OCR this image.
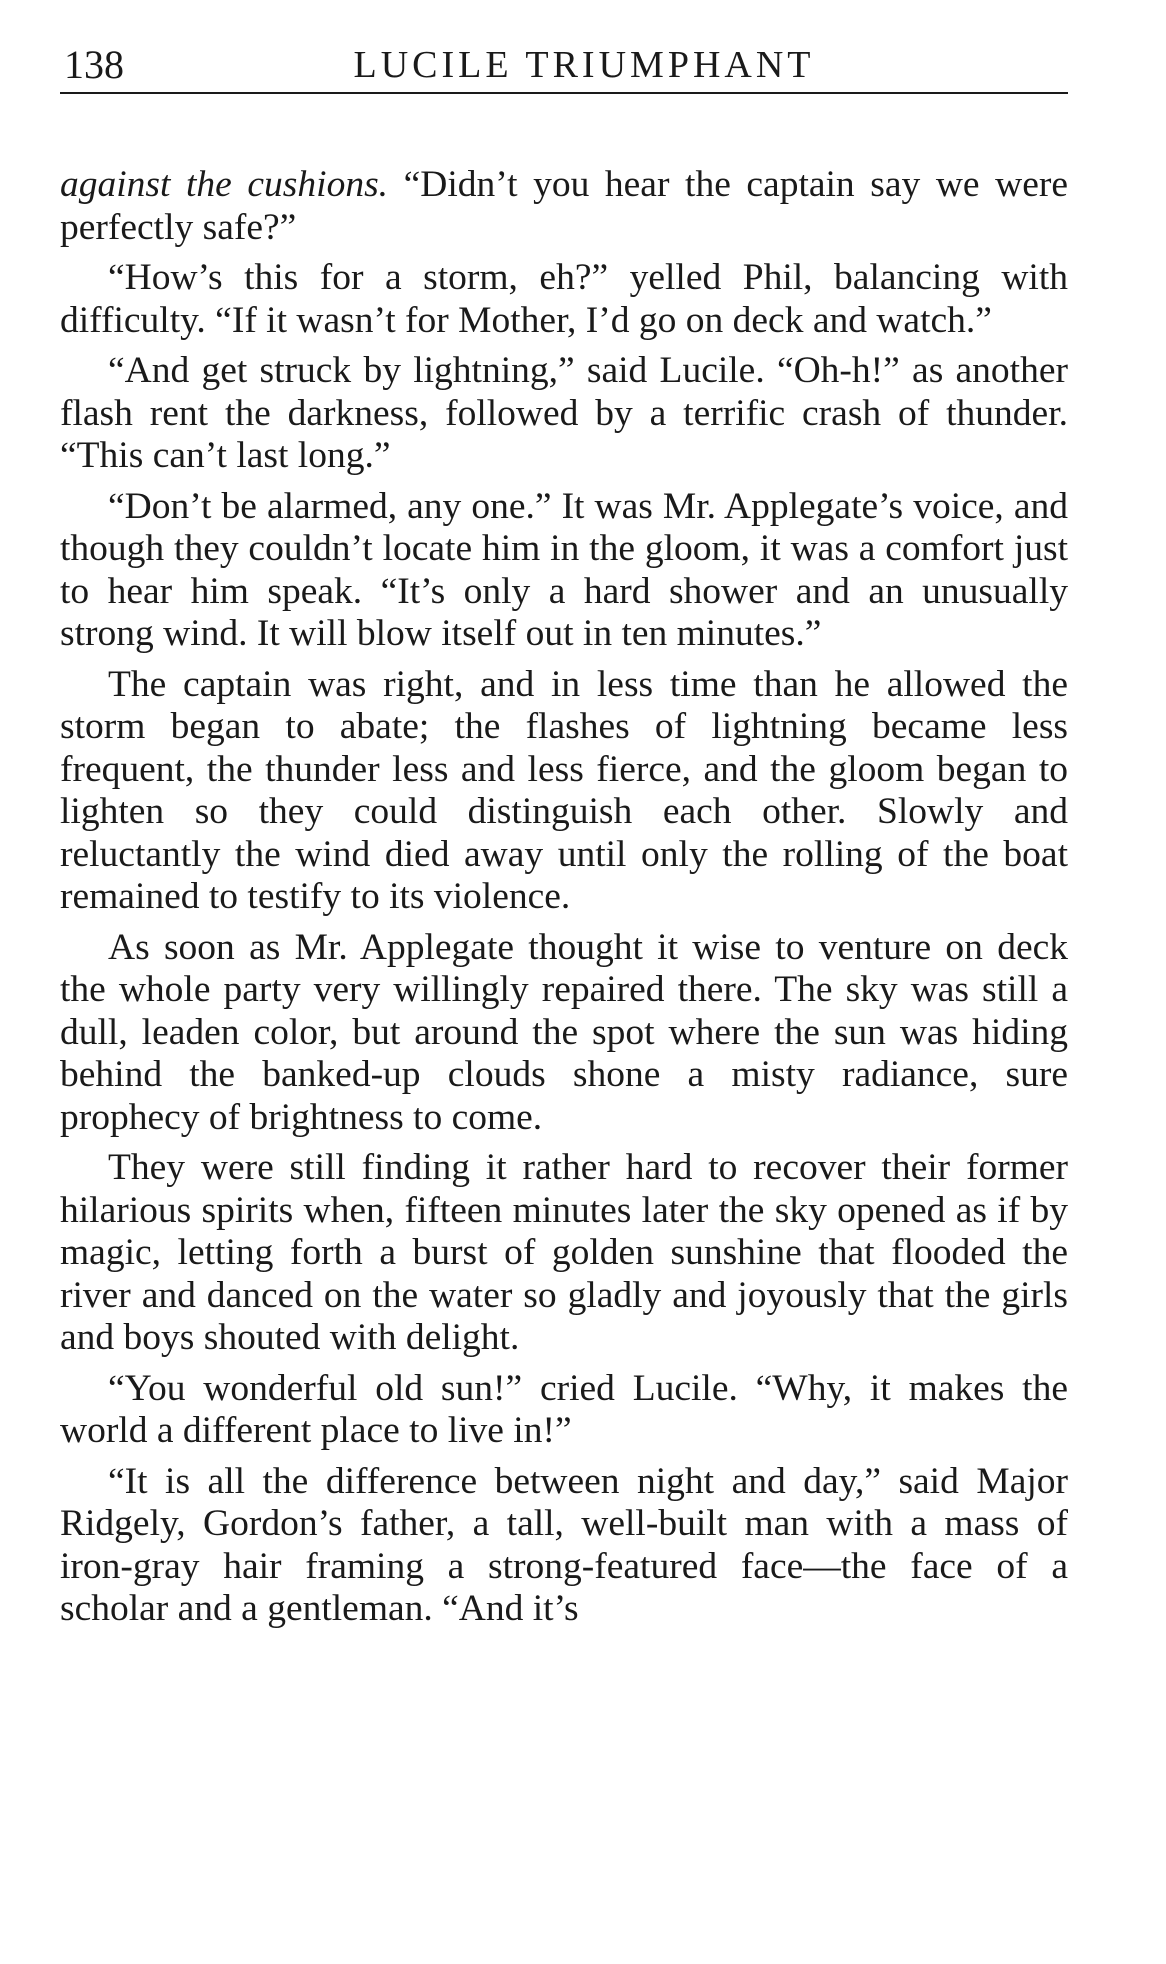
138	LUCILE TRIUMPHANT

against the cushions. “Didn’t you hear the captain say we were perfectly safe?”

“How’s this for a storm, eh?” yelled Phil, balancing with difficulty. “If it wasn’t for Mother, I’d go on deck and watch.”

“And get struck by lightning,” said Lucile. “Oh-h!” as another flash rent the darkness, followed by a terrific crash of thunder. “This can’t last long.”

“Don’t be alarmed, any one.” It was Mr. Applegate’s voice, and though they couldn’t locate him in the gloom, it was a comfort just to hear him speak. “It’s only a hard shower and an unusually strong wind. It will blow itself out in ten minutes.”

The captain was right, and in less time than he allowed the storm began to abate; the flashes of lightning became less frequent, the thunder less and less fierce, and the gloom began to lighten so they could distinguish each other. Slowly and reluctantly the wind died away until only the rolling of the boat remained to testify to its violence.

As soon as Mr. Applegate thought it wise to venture on deck the whole party very willingly repaired there. The sky was still a dull, leaden color, but around the spot where the sun was hiding behind the banked-up clouds shone a misty radiance, sure prophecy of brightness to come.

They were still finding it rather hard to recover their former hilarious spirits when, fifteen minutes later the sky opened as if by magic, letting forth a burst of golden sunshine that flooded the river and danced on the water so gladly and joyously that the girls and boys shouted with delight.

“You wonderful old sun!” cried Lucile. “Why, it makes the world a different place to live in!”

“It is all the difference between night and day,” said Major Ridgely, Gordon’s father, a tall, well-built man with a mass of iron-gray hair framing a strong-featured face—the face of a scholar and a gentleman. “And it’s
